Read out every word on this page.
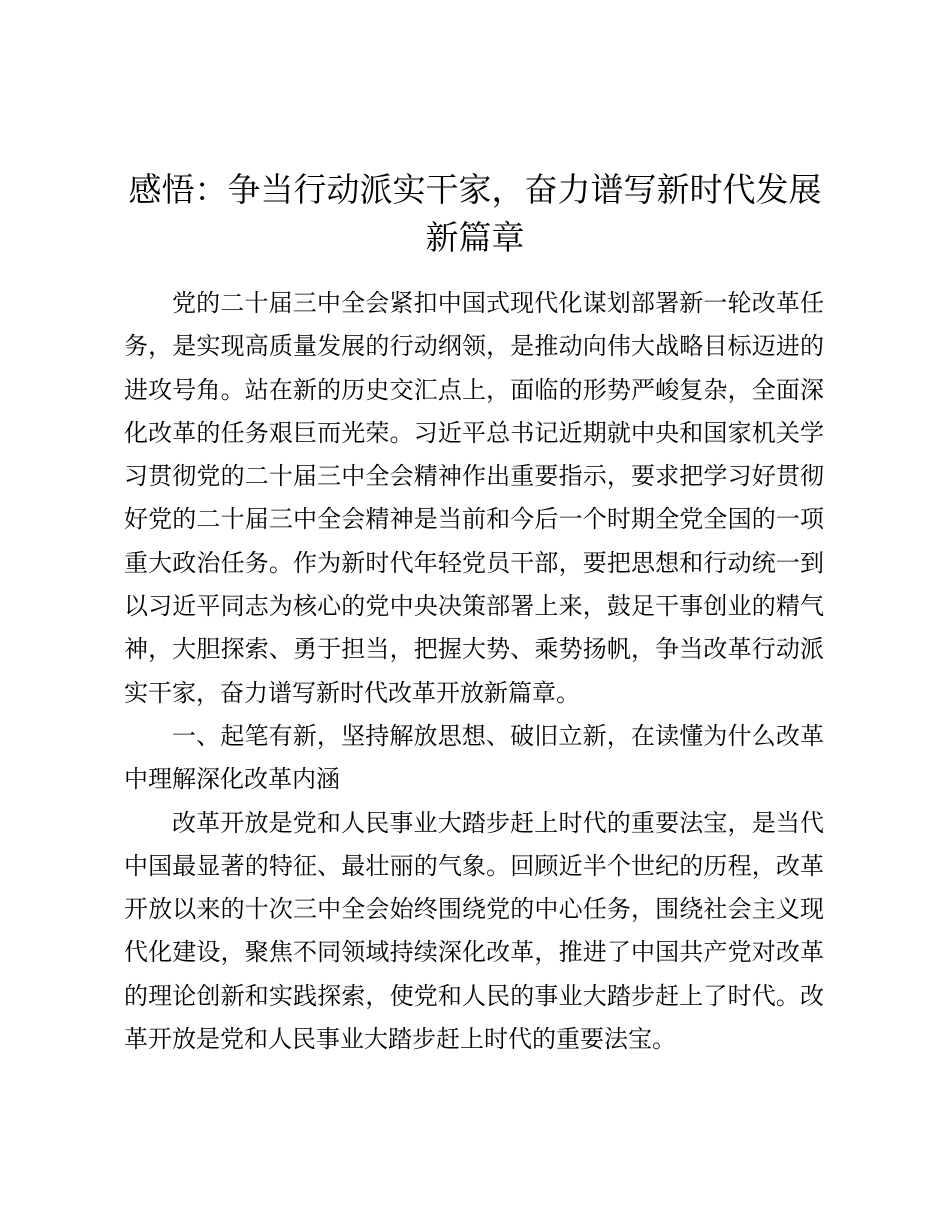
感悟：争当行动派实干家，奋力谱写新时代发展新篇章

党的二十届三中全会紧扣中国式现代化谋划部署新一轮改革任务，是实现高质量发展的行动纲领，是推动向伟大战略目标迈进的进攻号角。站在新的历史交汇点上，面临的形势严峻复杂，全面深化改革的任务艰巨而光荣。习近平总书记近期就中央和国家机关学习贯彻党的二十届三中全会精神作出重要指示，要求把学习好贯彻好党的二十届三中全会精神是当前和今后一个时期全党全国的一项重大政治任务。作为新时代年轻党员干部，要把思想和行动统一到以习近平同志为核心的党中央决策部署上来，鼓足干事创业的精气神，大胆探索、勇于担当，把握大势、乘势扬帆，争当改革行动派实干家，奋力谱写新时代改革开放新篇章。

一、起笔有新，坚持解放思想、破旧立新，在读懂为什么改革中理解深化改革内涵

改革开放是党和人民事业大踏步赶上时代的重要法宝，是当代中国最显著的特征、最壮丽的气象。回顾近半个世纪的历程，改革开放以来的十次三中全会始终围绕党的中心任务，围绕社会主义现代化建设，聚焦不同领域持续深化改革，推进了中国共产党对改革的理论创新和实践探索，使党和人民的事业大踏步赶上了时代。改革开放是党和人民事业大踏步赶上时代的重要法宝。
